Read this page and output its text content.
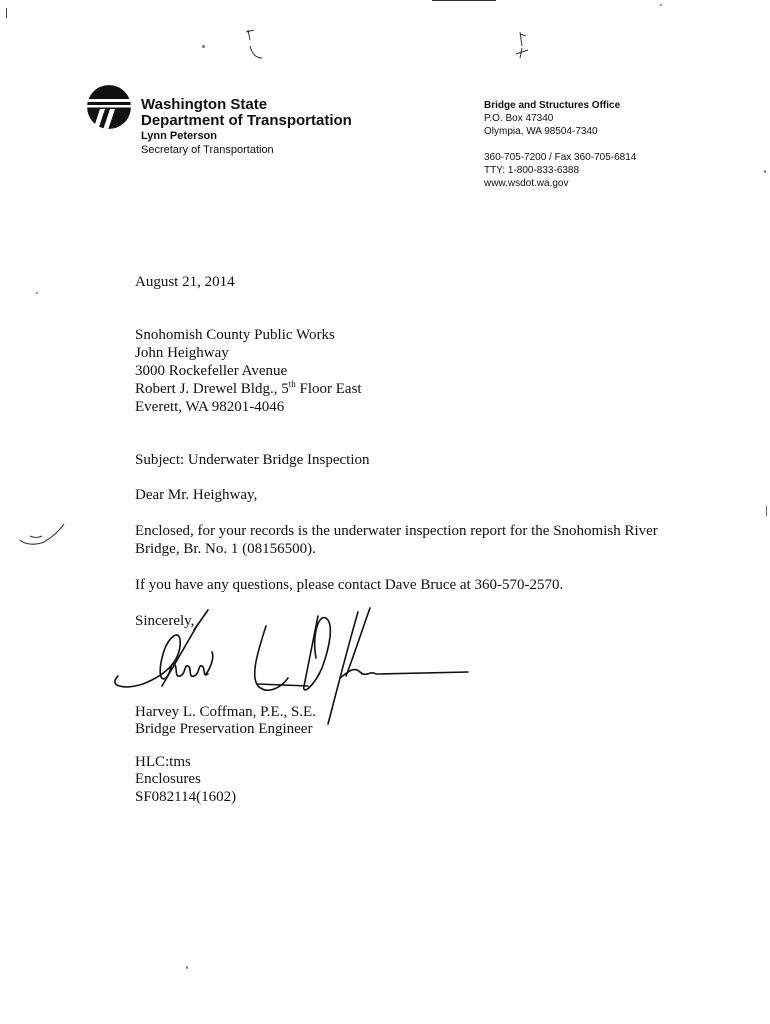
Washington State
Department of Transportation
Lynn Peterson
Secretary of Transportation
Bridge and Structures Office
P.O. Box 47340
Olympia, WA 98504-7340
360-705-7200 / Fax 360-705-6814
TTY: 1-800-833-6388
www.wsdot.wa.gov
August 21, 2014
Snohomish County Public Works
John Heighway
3000 Rockefeller Avenue
Robert J. Drewel Bldg., 5th Floor East
Everett, WA 98201-4046
Subject: Underwater Bridge Inspection
Dear Mr. Heighway,
Enclosed, for your records is the underwater inspection report for the Snohomish River
Bridge, Br. No. 1 (08156500).
If you have any questions, please contact Dave Bruce at 360-570-2570.
Sincerely,
Harvey L. Coffman, P.E., S.E.
Bridge Preservation Engineer
HLC:tms
Enclosures
SF082114(1602)
